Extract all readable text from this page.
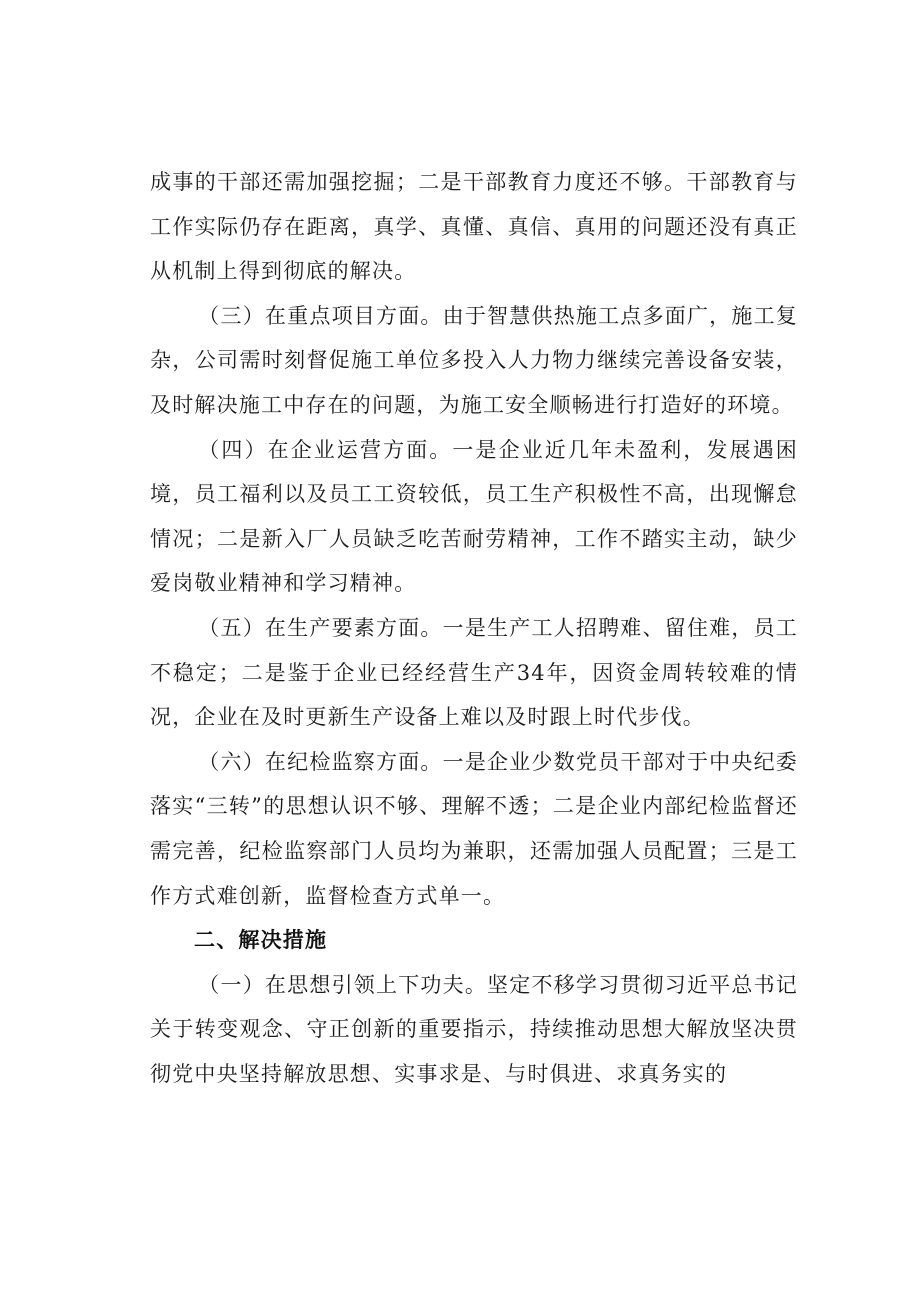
成事的干部还需加强挖掘；二是干部教育力度还不够。干部教育与工作实际仍存在距离，真学、真懂、真信、真用的问题还没有真正从机制上得到彻底的解决。

（三）在重点项目方面。由于智慧供热施工点多面广，施工复杂，公司需时刻督促施工单位多投入人力物力继续完善设备安装，及时解决施工中存在的问题，为施工安全顺畅进行打造好的环境。

（四）在企业运营方面。一是企业近几年未盈利，发展遇困境，员工福利以及员工工资较低，员工生产积极性不高，出现懈怠情况；二是新入厂人员缺乏吃苦耐劳精神，工作不踏实主动，缺少爱岗敬业精神和学习精神。

（五）在生产要素方面。一是生产工人招聘难、留住难，员工不稳定；二是鉴于企业已经经营生产34年，因资金周转较难的情况，企业在及时更新生产设备上难以及时跟上时代步伐。

（六）在纪检监察方面。一是企业少数党员干部对于中央纪委落实“三转”的思想认识不够、理解不透；二是企业内部纪检监督还需完善，纪检监察部门人员均为兼职，还需加强人员配置；三是工作方式难创新，监督检查方式单一。

二、解决措施

（一）在思想引领上下功夫。坚定不移学习贯彻习近平总书记关于转变观念、守正创新的重要指示，持续推动思想大解放坚决贯彻党中央坚持解放思想、实事求是、与时俱进、求真务实的
